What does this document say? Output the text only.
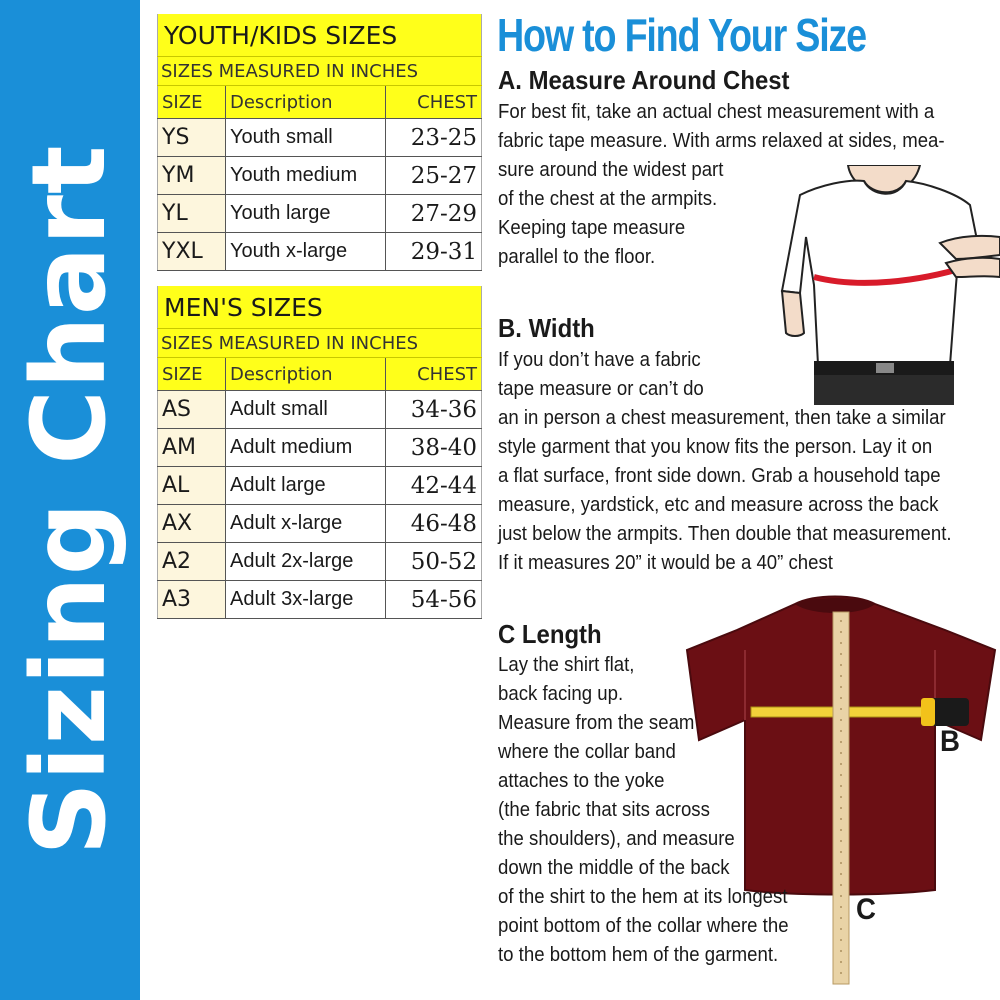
Sizing Chart
YOUTH/KIDS SIZES		
SIZES MEASURED IN INCHES		
SIZE	Description	CHEST
YS	Youth small	23-25
YM	Youth medium	25-27
YL	Youth large	27-29
YXL	Youth x-large	29-31
MEN'S SIZES		
SIZES MEASURED IN INCHES		
SIZE	Description	CHEST
AS	Adult small	34-36
AM	Adult medium	38-40
AL	Adult large	42-44
AX	Adult x-large	46-48
A2	Adult 2x-large	50-52
A3	Adult 3x-large	54-56
How to Find Your Size
A. Measure Around Chest
For best fit, take an actual chest measurement with a
fabric tape measure. With arms relaxed at sides, mea-
sure around the widest part
of the chest at the armpits.
Keeping tape measure
parallel to the floor.
B. Width
If you don’t have a fabric
tape measure or can’t do
an in person a chest measurement, then take a similar
style garment that you know fits the person. Lay it on
a flat surface, front side down. Grab a household tape
measure, yardstick, etc and measure across the back
just below the armpits. Then double that measurement.
If it measures 20” it would be a 40” chest
B
C
C Length
Lay the shirt flat,
back facing up.
Measure from the seam
where the collar band
attaches to the yoke
(the fabric that sits across
the shoulders), and measure
down the middle of the back
of the shirt to the hem at its longest
point bottom of the collar where the
to the bottom hem of the garment.
